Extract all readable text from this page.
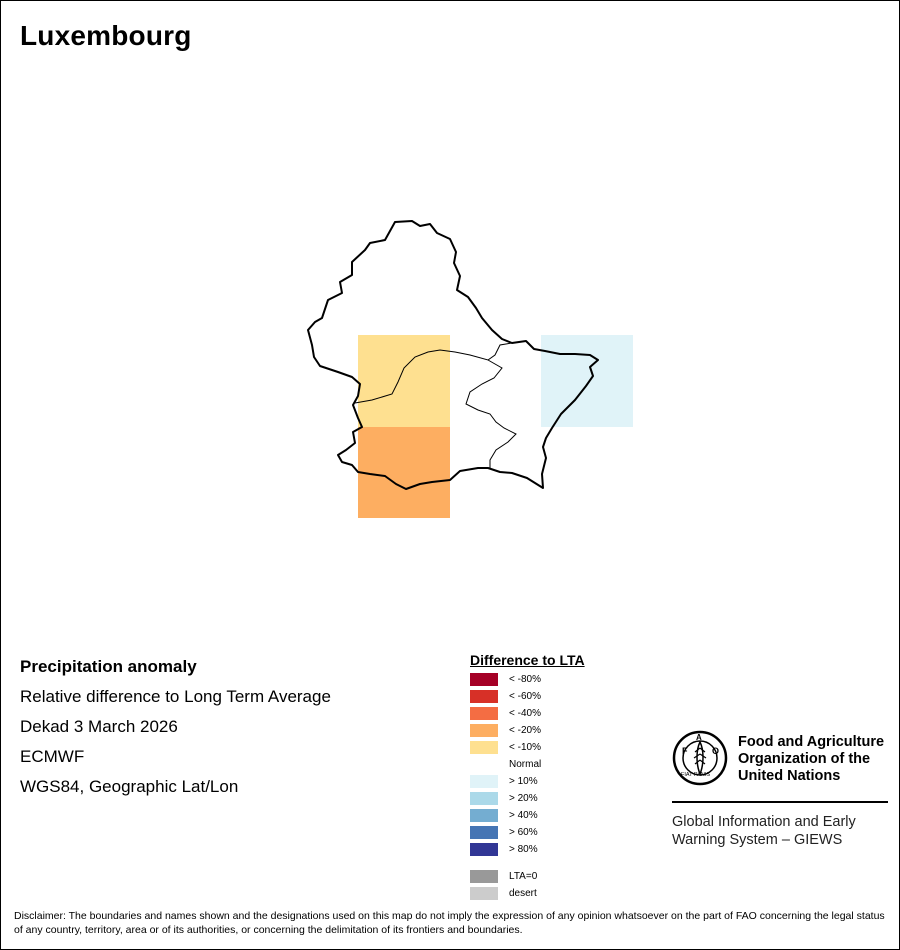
Luxembourg
Precipitation anomaly
Relative difference to Long Term Average
Dekad 3 March 2026
ECMWF
WGS84, Geographic Lat/Lon
Difference to LTA
< -80%
< -60%
< -40%
< -20%
< -10%
Normal
> 10%
> 20%
> 40%
> 60%
> 80%
LTA=0
desert
F
A
O
FIAT PANIS
Food and Agriculture
Organization of the
United Nations
Global Information and Early
Warning System – GIEWS
Disclaimer: The boundaries and names shown and the designations used on this map do not imply the expression of any opinion whatsoever on the part of FAO concerning the legal status of any country, territory, area or of its authorities, or concerning the delimitation of its frontiers and boundaries.
